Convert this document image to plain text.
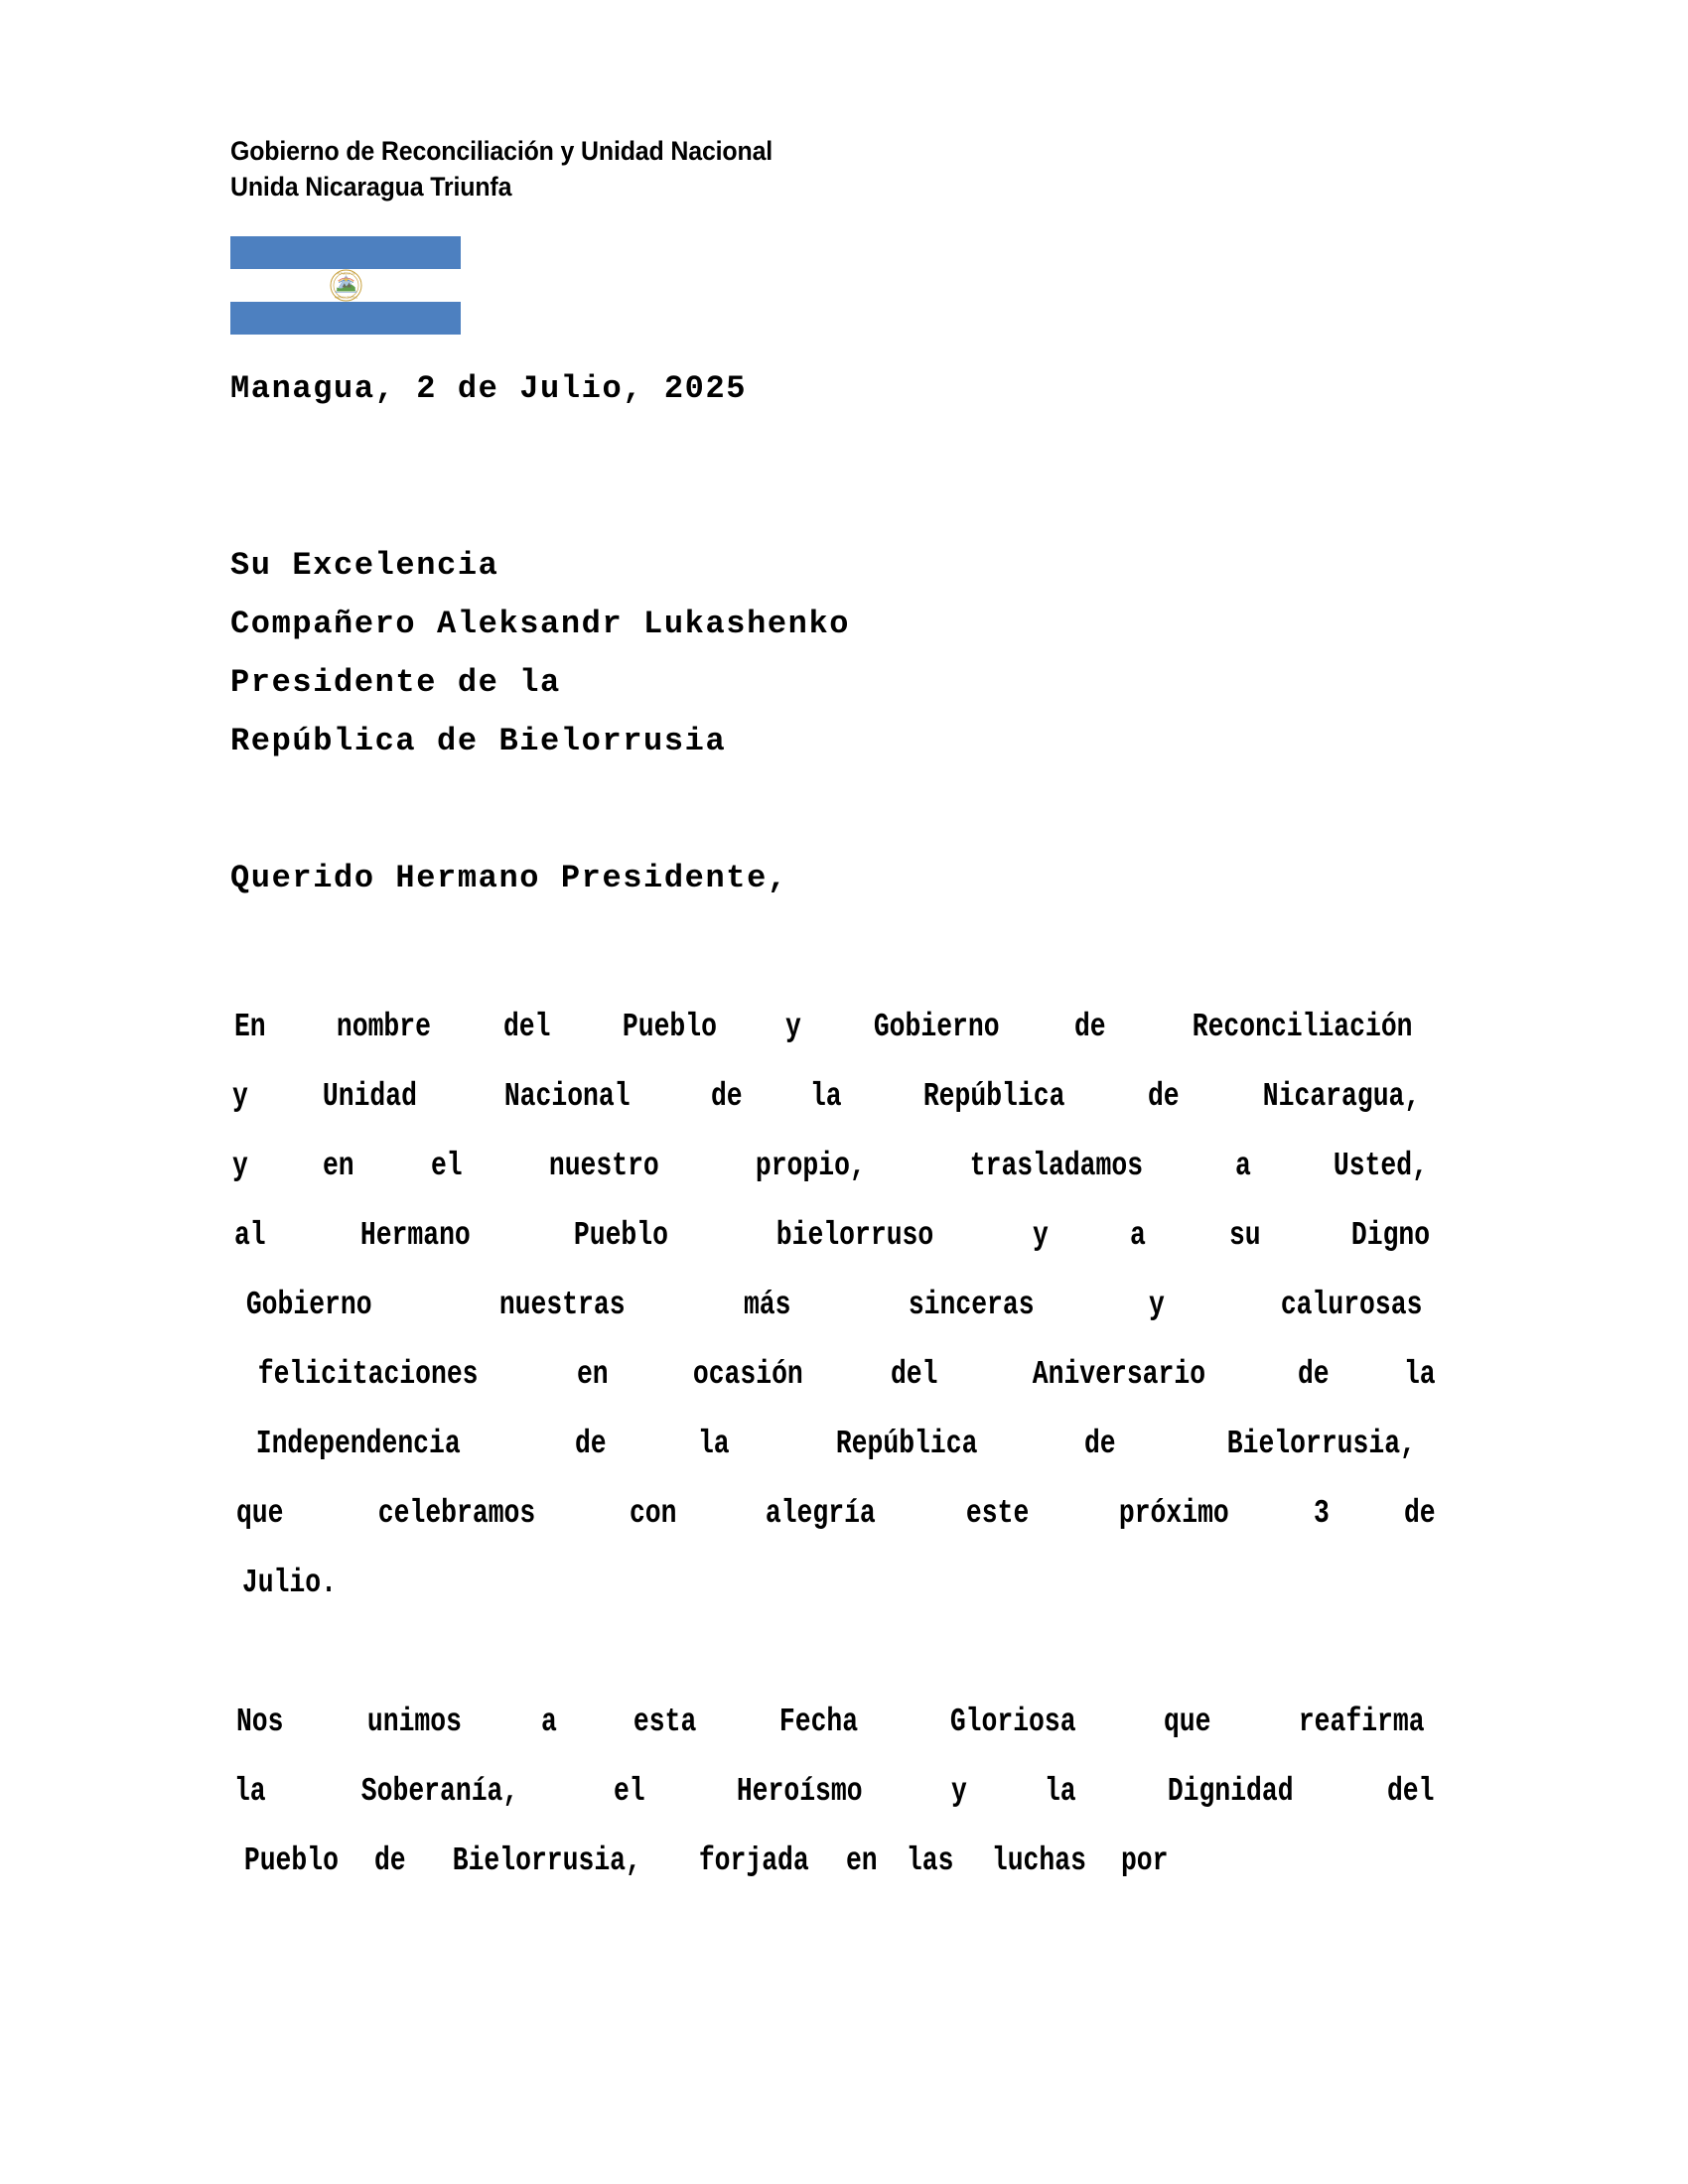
Gobierno de Reconciliación y Unidad Nacional
Unida Nicaragua Triunfa
REPUBLICA DE
AMERICA CENTRAL
Managua, 2 de Julio, 2025
Su Excelencia
Compañero Aleksandr Lukashenko
Presidente de la
República de Bielorrusia
Querido Hermano Presidente,
En nombre del Pueblo y Gobierno de	Reconciliación
y Unidad	Nacional de la	República	de	Nicaragua,
y en el	nuestro	propio,	trasladamos	a	Usted,
al	Hermano	Pueblo	bielorruso	y a	su	Digno
Gobierno	nuestras	más	sinceras	y	calurosas
felicitaciones	en	ocasión	del	Aniversario	de la
Independencia	de	la	República	de	Bielorrusia,
que	celebramos	con	alegría	este	próximo	3 de
Julio.
Nos	unimos a esta	Fecha	Gloriosa	que	reafirma
la	Soberanía,	el	Heroísmo	y la	Dignidad	del
Pueblo de Bielorrusia, forjada en las luchas por
